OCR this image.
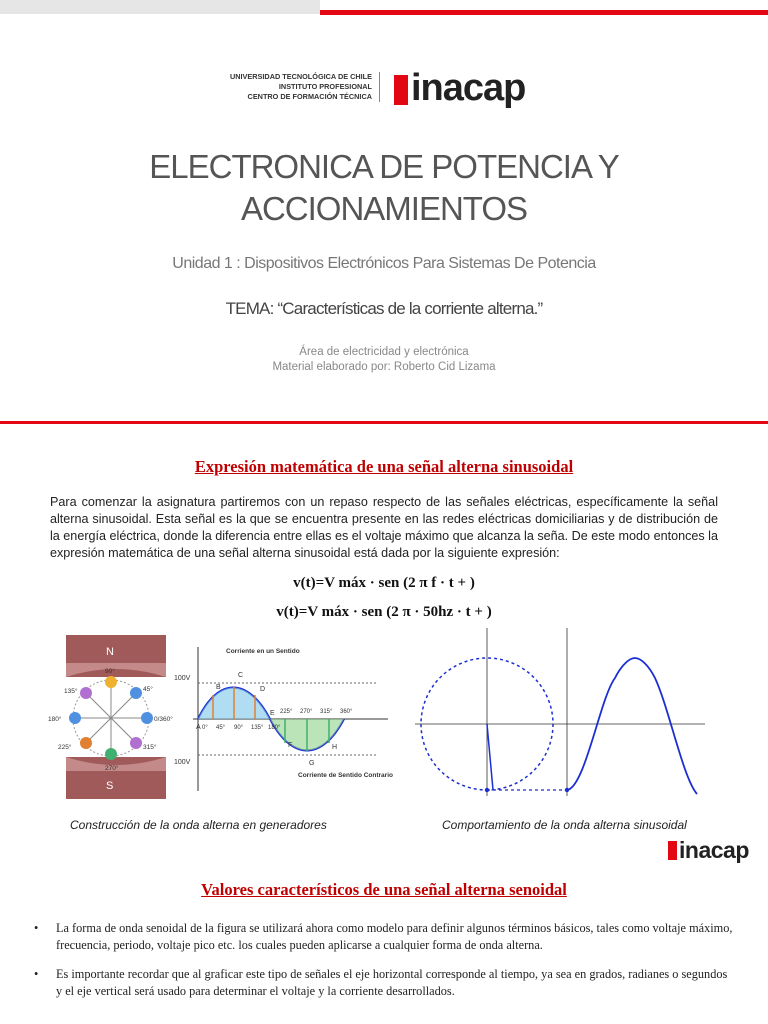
UNIVERSIDAD TECNOLÓGICA DE CHILE
INSTITUTO PROFESIONAL
CENTRO DE FORMACIÓN TÉCNICA inacap
ELECTRONICA DE POTENCIA Y
ACCIONAMIENTOS
Unidad 1 : Dispositivos Electrónicos Para Sistemas De Potencia
TEMA: “Características de la corriente alterna.”
Área de electricidad y electrónica
Material elaborado por: Roberto Cid Lizama
Expresión matemática de una señal alterna sinusoidal
Para comenzar la asignatura partiremos con un repaso respecto de las señales eléctricas, específicamente la señal alterna sinusoidal. Esta señal es la que se encuentra presente en las redes eléctricas domiciliarias y de distribución de la energía eléctrica, donde la diferencia entre ellas es el voltaje máximo que alcanza la seña. De este modo entonces la expresión matemática de una señal alterna sinusoidal está dada por la siguiente expresión:
v(t)=V máx · sen (2 π f · t + )
v(t)=V máx · sen (2 π · 50hz · t + )
N
S
90°
135°	45°
180°	0/360°
225°	315°
270°
100V
100V
Corriente en un Sentido
Corriente de Sentido Contrario
A
B
C
D
E
F
G
H
0° 45° 90° 135° 180°
225° 270° 315° 360°
Construcción de la onda alterna en generadores	Comportamiento de la onda alterna sinusoidal
inacap
Valores característicos de una señal alterna senoidal
• La forma de onda senoidal de la figura se utilizará ahora como modelo para definir algunos términos básicos, tales como voltaje máximo, frecuencia, periodo, voltaje pico etc. los cuales pueden aplicarse a cualquier forma de onda alterna.
• Es importante recordar que al graficar este tipo de señales el eje horizontal corresponde al tiempo, ya sea en grados, radianes o segundos y el eje vertical será usado para determinar el voltaje y la corriente desarrollados.
